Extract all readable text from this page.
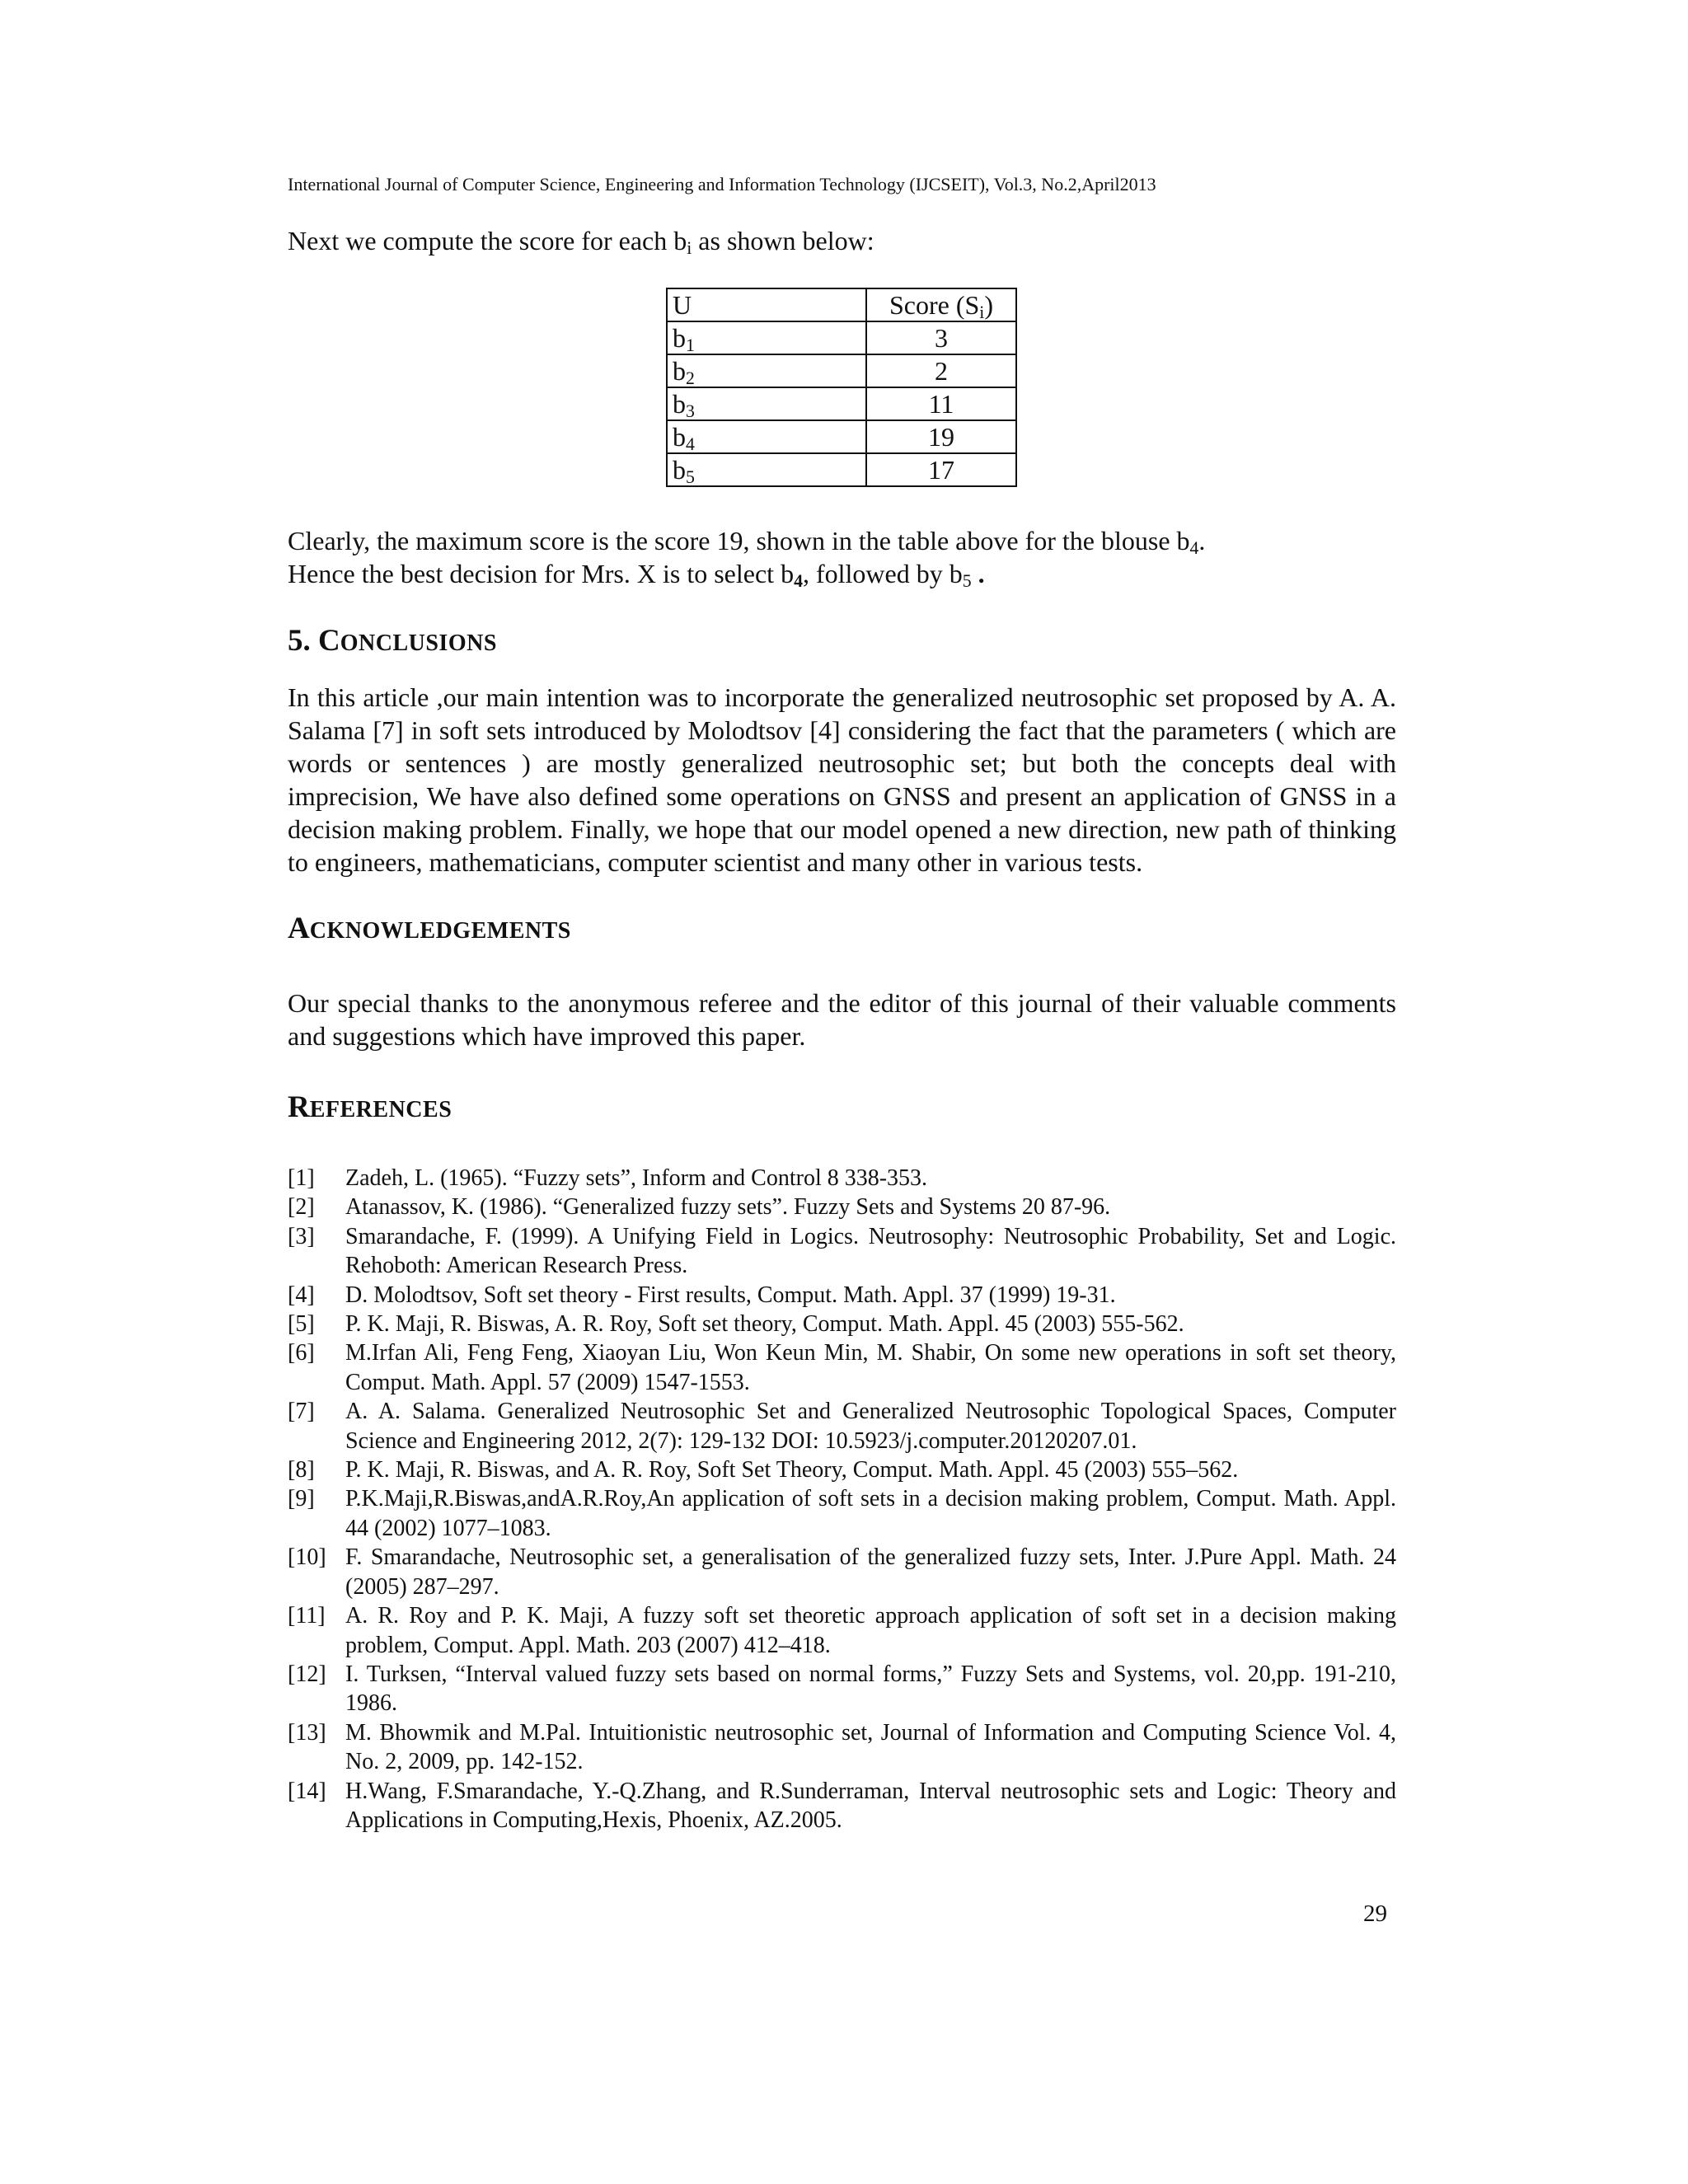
International Journal of Computer Science, Engineering and Information Technology (IJCSEIT), Vol.3, No.2,April2013
Next we compute the score for each $b_i$ as shown below:
U	Score $(S_i)$
$b_1$	3
$b_2$	2
$b_3$	11
$b_4$	19
$b_5$	17
Clearly, the maximum score is the score 19, shown in the table above for the blouse $b_4$.
Hence the best decision for Mrs. X is to select $b_4$, followed by $b_5$ .
5. CONCLUSIONS

In this article ,our main intention was to incorporate the generalized neutrosophic set proposed by A. A. Salama [7] in soft sets introduced by Molodtsov [4] considering the fact that the parameters ( which are words or sentences ) are mostly generalized neutrosophic set; but both the concepts deal with imprecision, We have also defined some operations on GNSS and present an application of GNSS in a decision making problem. Finally, we hope that our model opened a new direction, new path of thinking to engineers, mathematicians, computer scientist and many other in various tests.

ACKNOWLEDGEMENTS

Our special thanks to the anonymous referee and the editor of this journal of their valuable comments and suggestions which have improved this paper.

REFERENCES
[1]	Zadeh, L. (1965). “Fuzzy sets”, Inform and Control 8 338-353.
[2]	Atanassov, K. (1986). “Generalized fuzzy sets”. Fuzzy Sets and Systems 20 87-96.
[3]	Smarandache, F. (1999). A Unifying Field in Logics. Neutrosophy: Neutrosophic Probability, Set and Logic. Rehoboth: American Research Press.
[4]	D. Molodtsov, Soft set theory - First results, Comput. Math. Appl. 37 (1999) 19-31.
[5]	P. K. Maji, R. Biswas, A. R. Roy, Soft set theory, Comput. Math. Appl. 45 (2003) 555-562.
[6]	M.Irfan Ali, Feng Feng, Xiaoyan Liu, Won Keun Min, M. Shabir, On some new operations in soft set theory, Comput. Math. Appl. 57 (2009) 1547-1553.
[7]	A. A. Salama. Generalized Neutrosophic Set and Generalized Neutrosophic Topological Spaces, Computer Science and Engineering 2012, 2(7): 129-132 DOI: 10.5923/j.computer.20120207.01.
[8]	P. K. Maji, R. Biswas, and A. R. Roy, Soft Set Theory, Comput. Math. Appl. 45 (2003) 555–562.
[9]	P.K.Maji,R.Biswas,andA.R.Roy,An application of soft sets in a decision making problem, Comput. Math. Appl. 44 (2002) 1077–1083.
[10] F. Smarandache, Neutrosophic set, a generalisation of the generalized fuzzy sets, Inter. J.Pure Appl. Math. 24 (2005) 287–297.
[11] A. R. Roy and P. K. Maji, A fuzzy soft set theoretic approach application of soft set in a decision making problem, Comput. Appl. Math. 203 (2007) 412–418.
[12] I. Turksen, “Interval valued fuzzy sets based on normal forms,” Fuzzy Sets and Systems, vol. 20,pp. 191-210, 1986.
[13] M. Bhowmik and M.Pal. Intuitionistic neutrosophic set, Journal of Information and Computing Science Vol. 4, No. 2, 2009, pp. 142-152.
[14] H.Wang, F.Smarandache, Y.-Q.Zhang, and R.Sunderraman, Interval neutrosophic sets and Logic: Theory and Applications in Computing,Hexis, Phoenix, AZ.2005.
29
